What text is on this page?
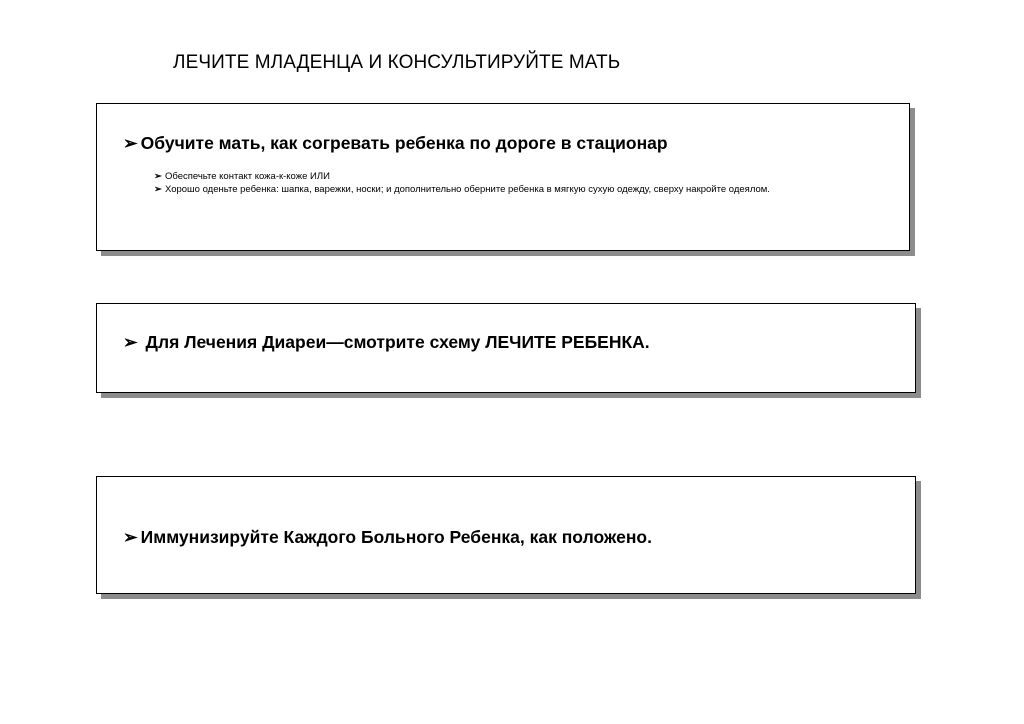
ЛЕЧИТЕ МЛАДЕНЦА И КОНСУЛЬТИРУЙТЕ МАТЬ
➢ Обучите мать, как согревать ребенка по дороге в стационар
➢ Обеспечьте контакт кожа-к-коже ИЛИ
➢ Хорошо оденьте ребенка: шапка, варежки, носки; и дополнительно оберните ребенка в мягкую сухую одежду, сверху накройте одеялом.
➢ Для Лечения Диареи—смотрите схему ЛЕЧИТЕ РЕБЕНКА.
➢ Иммунизируйте Каждого Больного Ребенка, как положено.
